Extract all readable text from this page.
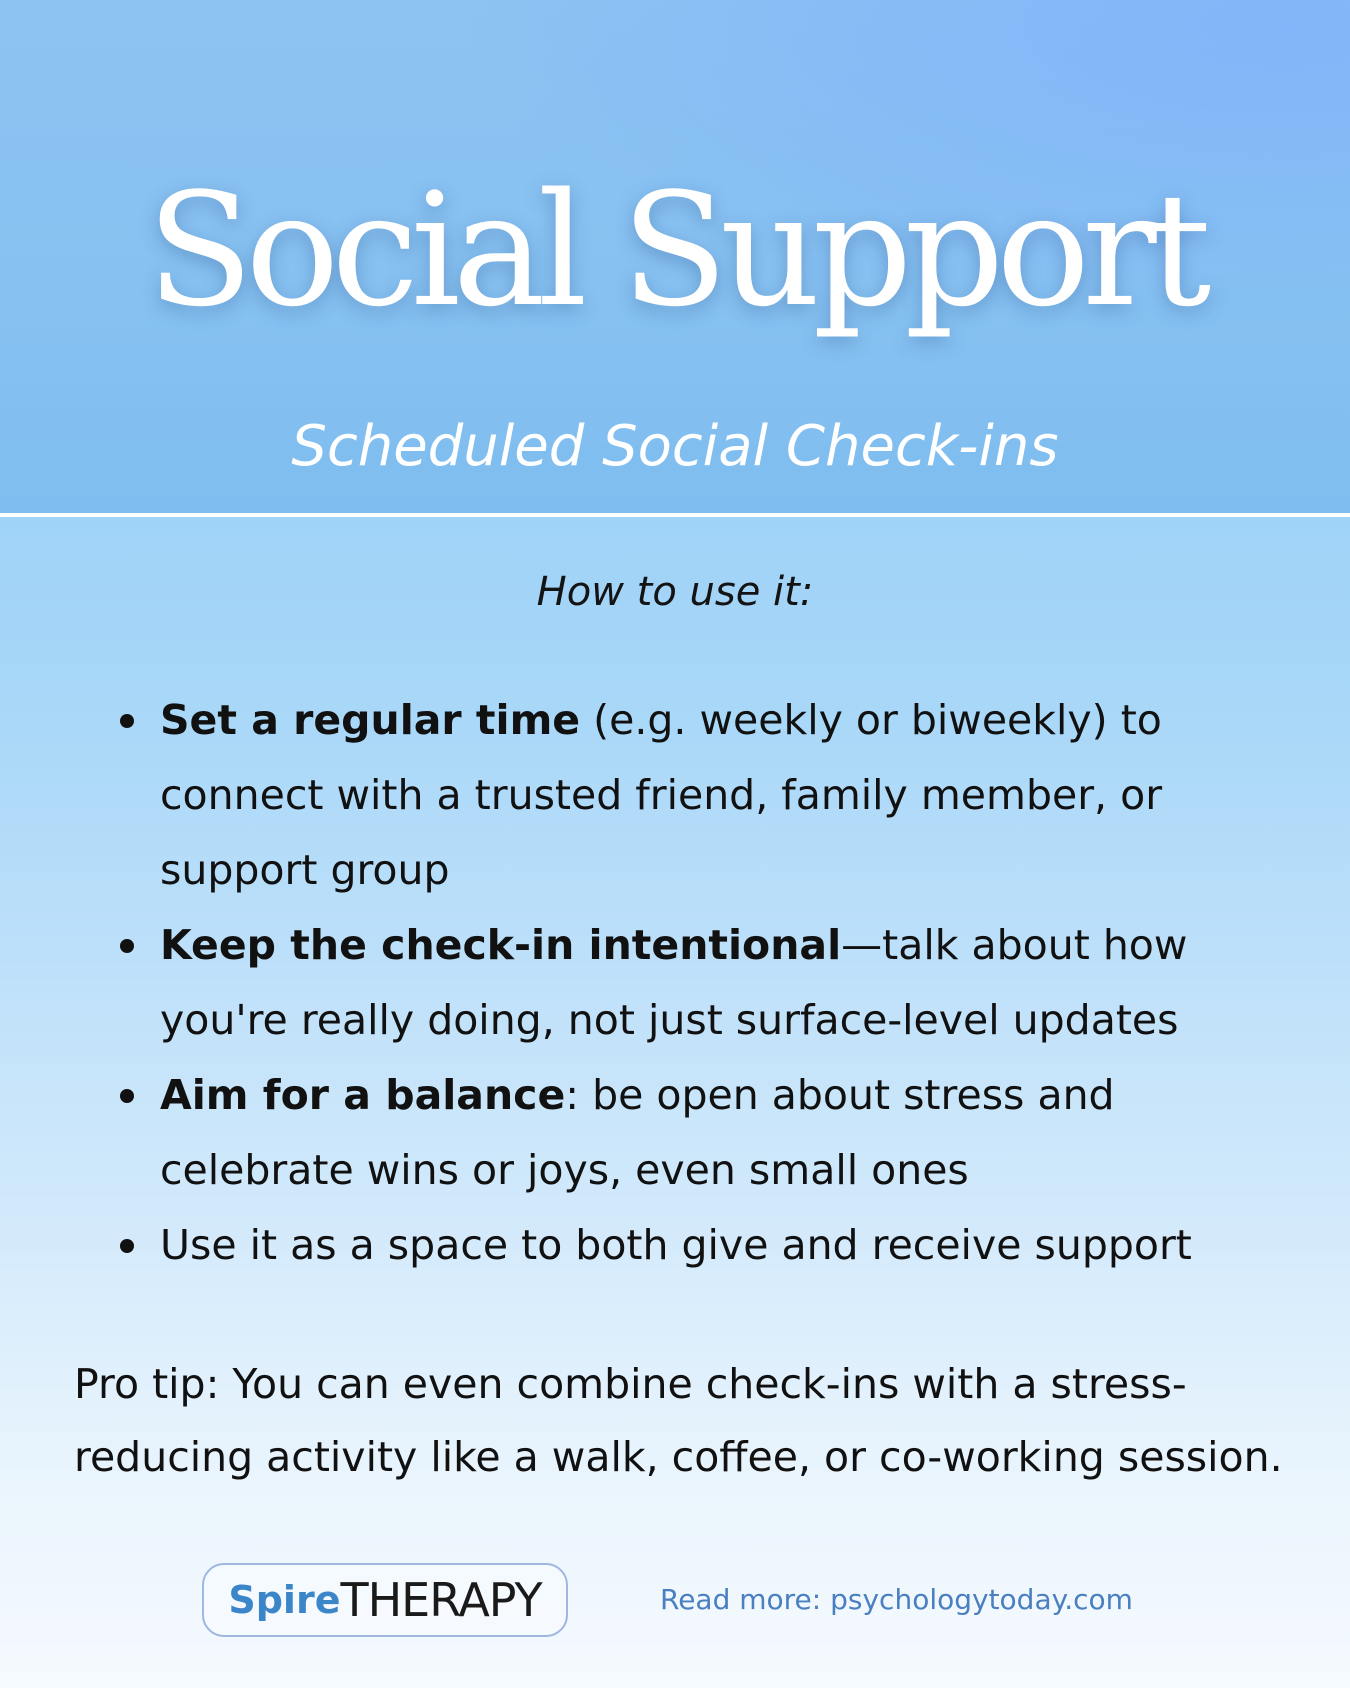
Social Support
Scheduled Social Check-ins
How to use it:
Set a regular time (e.g. weekly or biweekly) to connect with a trusted friend, family member, or support group
Keep the check-in intentional—talk about how you're really doing, not just surface-level updates
Aim for a balance: be open about stress and celebrate wins or joys, even small ones
Use it as a space to both give and receive support
Pro tip: You can even combine check-ins with a stress-reducing activity like a walk, coffee, or co-working session.
Spire THERAPY	Read more: psychologytoday.com
